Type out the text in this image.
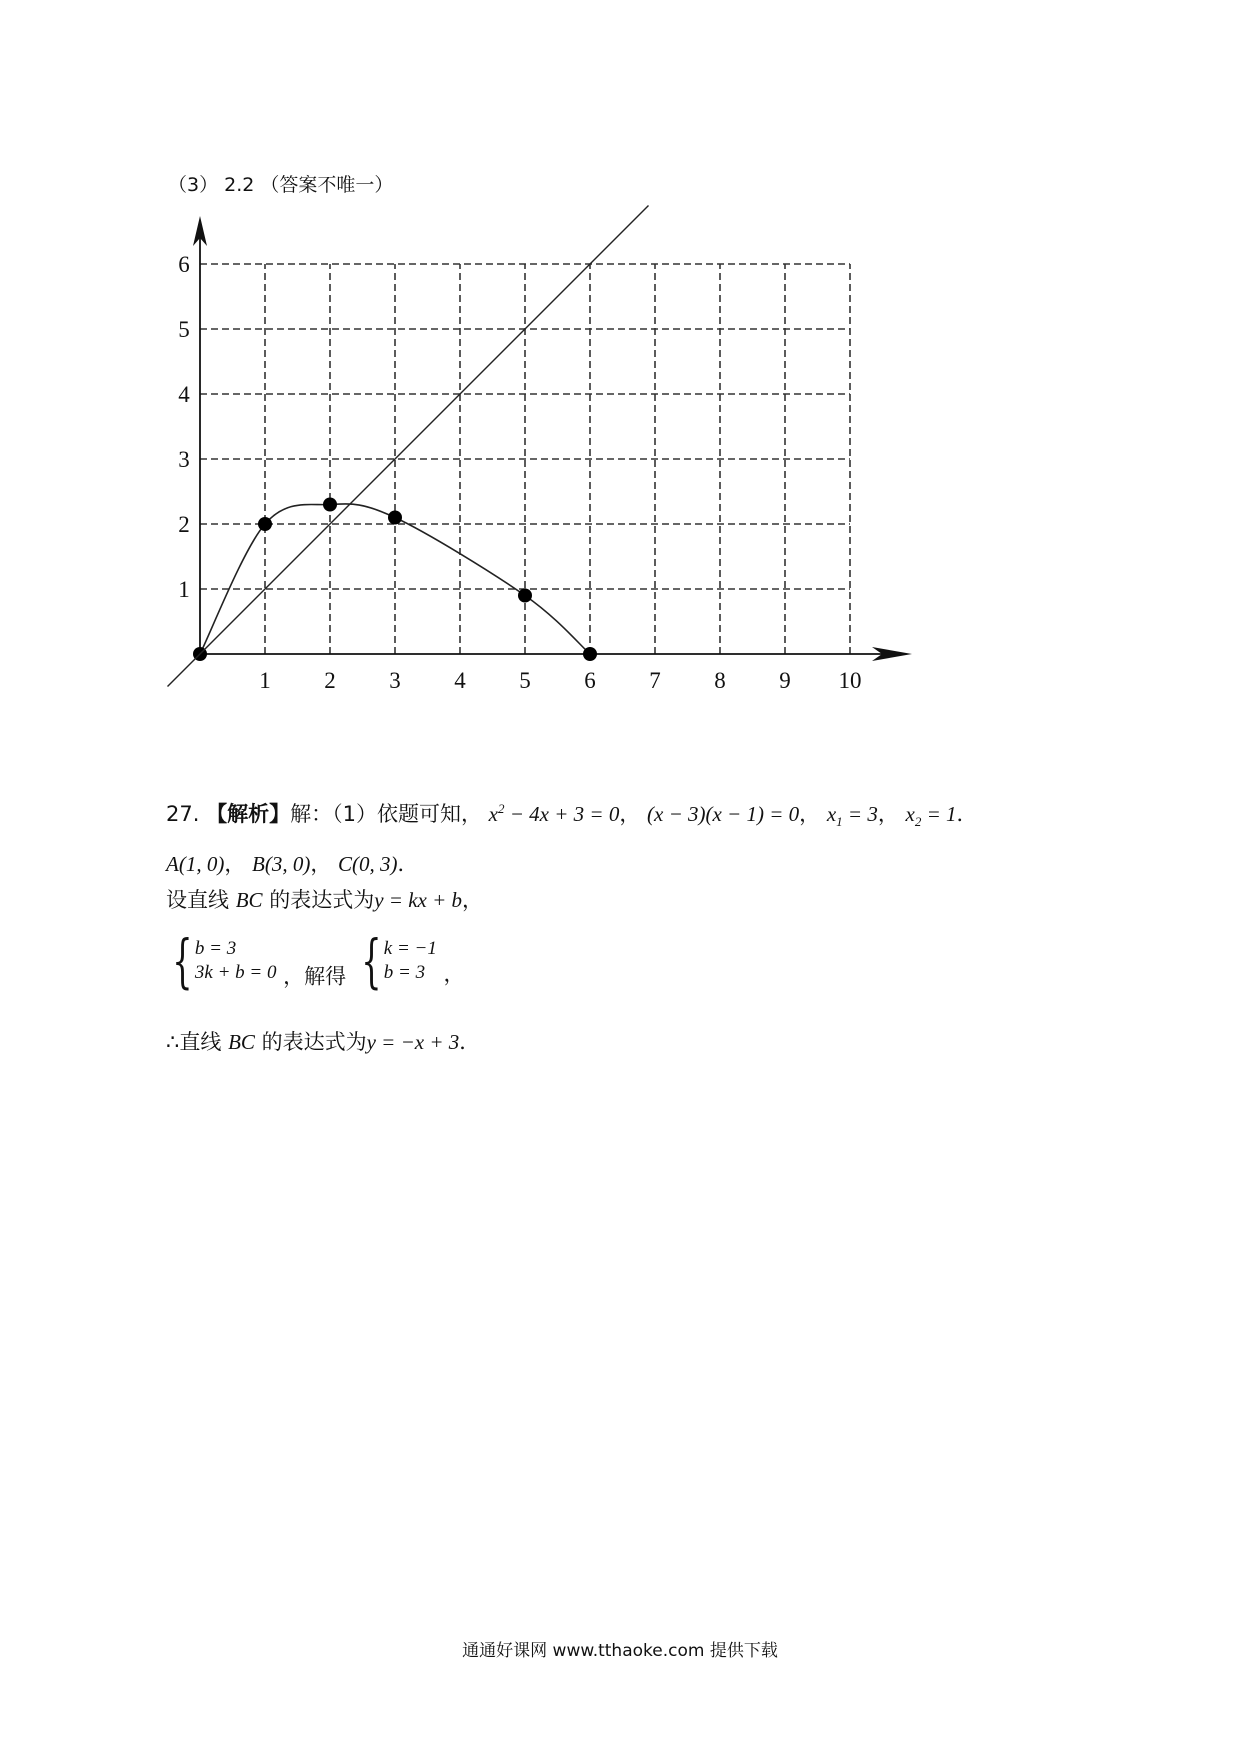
（3） 2.2 （答案不唯一）
1 2 3 4 5 6 7 8 9 10
1
2
3
4
5
6
27. 【解析】解：（1）依题可知， $x^2 - 4x + 3 = 0$， (x − 3)(x − 1) = 0， $x_1 = 3$， $x_2 = 1$．
A(1, 0)， B(3, 0)， C(0, 3)．
设直线 BC 的表达式为y = kx + b，
{ b = 3
3k + b = 0 ，解得 { k = −1
b = 3 ，
∴直线 BC 的表达式为y = −x + 3．
通通好课网 www.tthaoke.com 提供下载
